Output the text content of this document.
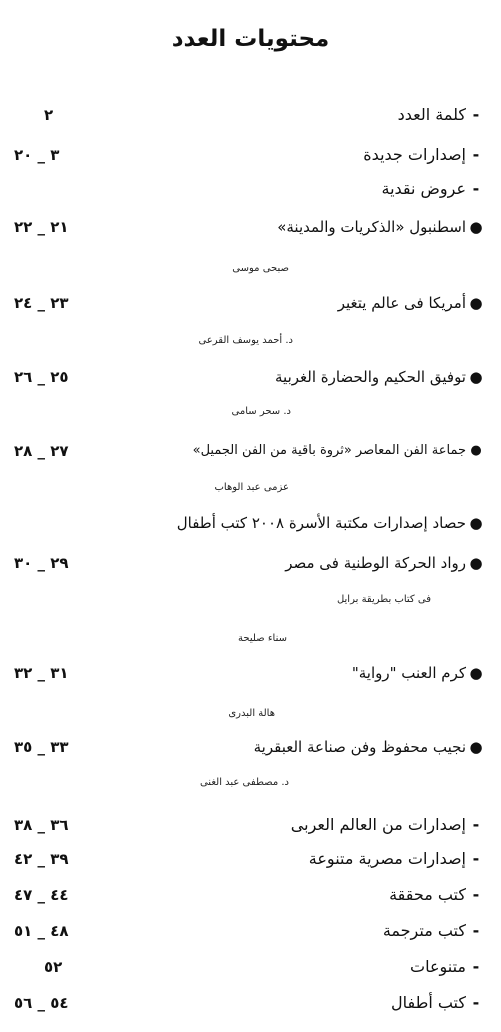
محتويات العدد
-كلمة العدد
٢
-إصدارات جديدة
٣ _ ٢٠
-عروض نقدية
●اسطنبول «الذكريات والمدينة»
٢١ _ ٢٢
صبحى موسى
●أمريكا فى عالم يتغير
٢٣ _ ٢٤
د. أحمد يوسف القرعى
●توفيق الحكيم والحضارة الغربية
٢٥ _ ٢٦
د. سحر سامى
●جماعة الفن المعاصر «ثروة باقية من الفن الجميل»
٢٧ _ ٢٨
عزمى عبد الوهاب
●حصاد إصدارات مكتبة الأسرة ٢٠٠٨ كتب أطفال
●رواد الحركة الوطنية فى مصر
٢٩ _ ٣٠
فى كتاب بطريقة برايل
سناء صليحة
●كرم العنب "رواية"
٣١ _ ٣٢
هالة البدرى
●نجيب محفوظ وفن صناعة العبقرية
٣٣ _ ٣٥
د. مصطفى عبد الغنى
-إصدارات من العالم العربى
٣٦ _ ٣٨
-إصدارات مصرية متنوعة
٣٩ _ ٤٢
-كتب محققة
٤٤ _ ٤٧
-كتب مترجمة
٤٨ _ ٥١
-متنوعات
٥٢
-كتب أطفال
٥٤ _ ٥٦
